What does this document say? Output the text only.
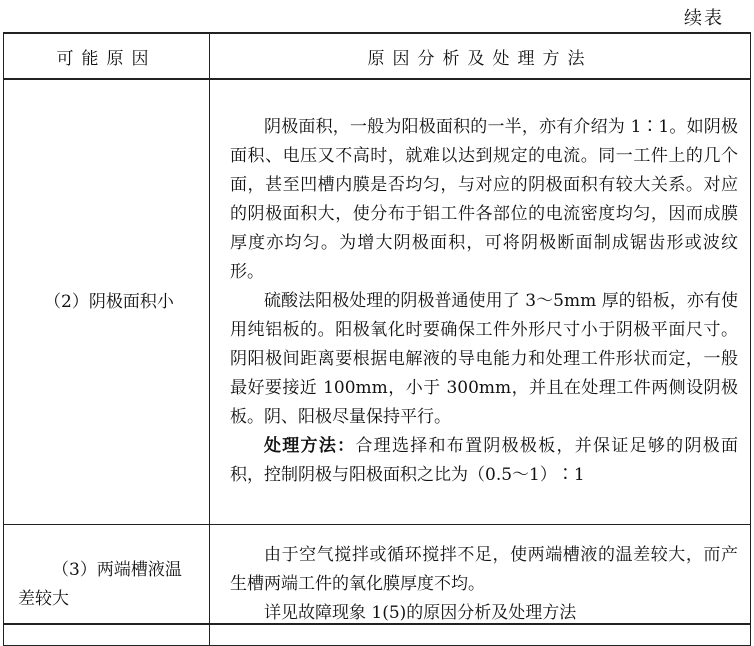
续表
可能原因	原因分析及处理方法
（2）阴极面积小	阴极面积，一般为阳极面积的一半，亦有介绍为 1∶1。如阴极面积、电压又不高时，就难以达到规定的电流。同一工件上的几个面，甚至凹槽内膜是否均匀，与对应的阴极面积有较大关系。对应的阴极面积大，使分布于铝工件各部位的电流密度均匀，因而成膜厚度亦均匀。为增大阴极面积，可将阴极断面制成锯齿形或波纹形。

硫酸法阳极处理的阴极普通使用了 3～5mm 厚的铅板，亦有使用纯铝板的。阳极氧化时要确保工件外形尺寸小于阴极平面尺寸。阴阳极间距离要根据电解液的导电能力和处理工件形状而定，一般最好要接近 100mm，小于 300mm，并且在处理工件两侧设阴极板。阴、阳极尽量保持平行。

处理方法：合理选择和布置阴极极板，并保证足够的阴极面积，控制阴极与阳极面积之比为（0.5～1）∶1

（3）两端槽液温差较大	由于空气搅拌或循环搅拌不足，使两端槽液的温差较大，而产生槽两端工件的氧化膜厚度不均。

详见故障现象 1(5)的原因分析及处理方法
